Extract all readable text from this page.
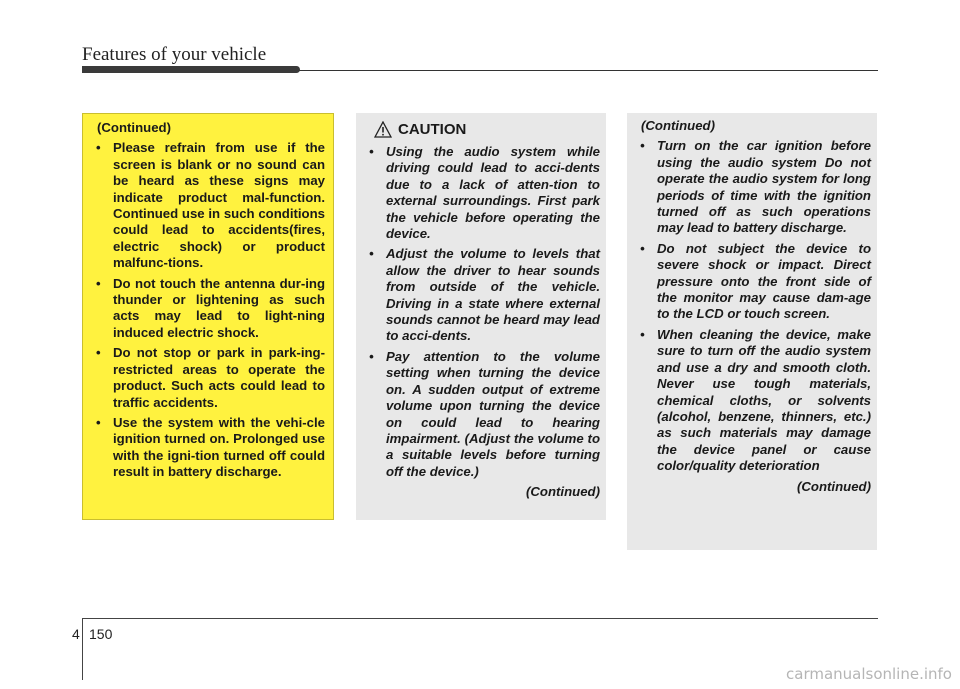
Features of your vehicle
(Continued)
• Please refrain from use if the screen is blank or no sound can be heard as these signs may indicate product mal-function. Continued use in such conditions could lead to accidents(fires, electric shock) or product malfunc-tions.
• Do not touch the antenna dur-ing thunder or lightening as such acts may lead to light-ning induced electric shock.
• Do not stop or park in park-ing-restricted areas to operate the product. Such acts could lead to traffic accidents.
• Use the system with the vehi-cle ignition turned on. Prolonged use with the igni-tion turned off could result in battery discharge.
CAUTION
• Using the audio system while driving could lead to acci-dents due to a lack of atten-tion to external surroundings. First park the vehicle before operating the device.
• Adjust the volume to levels that allow the driver to hear sounds from outside of the vehicle. Driving in a state where external sounds cannot be heard may lead to acci-dents.
• Pay attention to the volume setting when turning the device on. A sudden output of extreme volume upon turning the device on could lead to hearing impairment. (Adjust the volume to a suitable levels before turning off the device.)
(Continued)
(Continued)
• Turn on the car ignition before using the audio system Do not operate the audio system for long periods of time with the ignition turned off as such operations may lead to battery discharge.
• Do not subject the device to severe shock or impact. Direct pressure onto the front side of the monitor may cause dam-age to the LCD or touch screen.
• When cleaning the device, make sure to turn off the audio system and use a dry and smooth cloth. Never use tough materials, chemical cloths, or solvents (alcohol, benzene, thinners, etc.) as such materials may damage the device panel or cause color/quality deterioration
(Continued)
4 150
carmanualsonline.info
